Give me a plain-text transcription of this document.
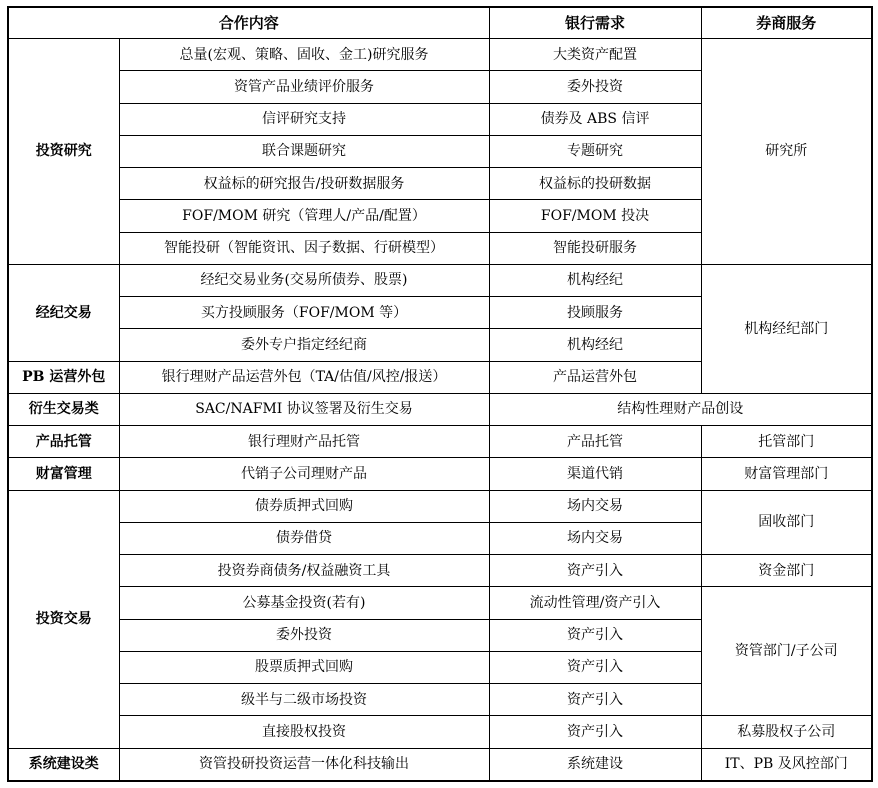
合作内容		银行需求	券商服务
投资研究	总量(宏观、策略、固收、金工)研究服务	大类资产配置	研究所
	资管产品业绩评价服务	委外投资	
	信评研究支持	债券及 ABS 信评	
	联合课题研究	专题研究	
	权益标的研究报告/投研数据服务	权益标的投研数据	
	FOF/MOM 研究（管理人/产品/配置）	FOF/MOM 投决	
	智能投研（智能资讯、因子数据、行研模型）	智能投研服务	
经纪交易	经纪交易业务(交易所债券、股票)	机构经纪	机构经纪部门
	买方投顾服务（FOF/MOM 等）	投顾服务	
	委外专户指定经纪商	机构经纪	
PB 运营外包	银行理财产品运营外包（TA/估值/风控/报送）	产品运营外包	
衍生交易类	SAC/NAFMI 协议签署及衍生交易	结构性理财产品创设	
产品托管	银行理财产品托管	产品托管	托管部门
财富管理	代销子公司理财产品	渠道代销	财富管理部门
投资交易	债券质押式回购	场内交易	固收部门
	债券借贷	场内交易	
	投资券商债务/权益融资工具	资产引入	资金部门
	公募基金投资(若有)	流动性管理/资产引入	资管部门/子公司
	委外投资	资产引入	
	股票质押式回购	资产引入	
	级半与二级市场投资	资产引入	
	直接股权投资	资产引入	私募股权子公司
系统建设类	资管投研投资运营一体化科技输出	系统建设	IT、PB 及风控部门
